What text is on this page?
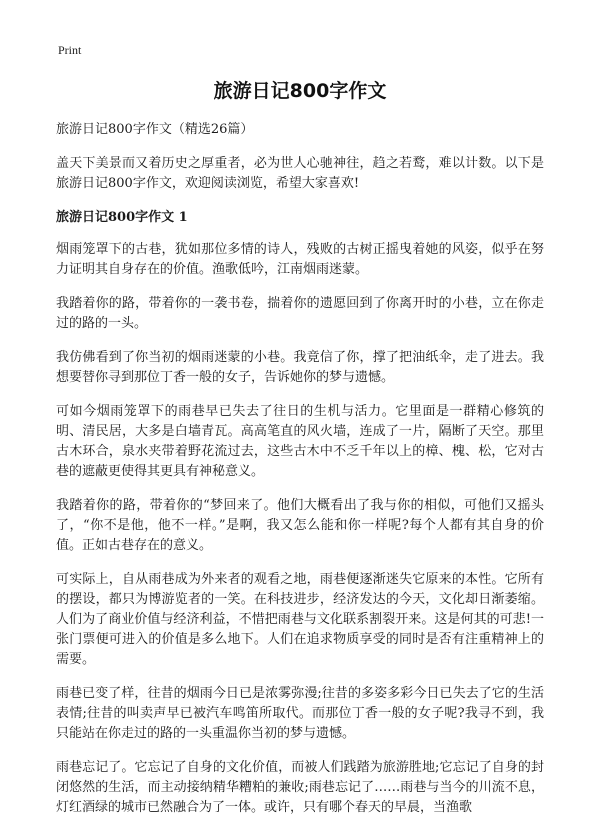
Print
旅游日记800字作文
旅游日记800字作文（精选26篇）
盖天下美景而又着历史之厚重者，必为世人心驰神往，趋之若鹜，难以计数。以下是旅游日记800字作文，欢迎阅读浏览，希望大家喜欢!
旅游日记800字作文 1
烟雨笼罩下的古巷，犹如那位多情的诗人，残败的古树正摇曳着她的风姿，似乎在努力证明其自身存在的价值。渔歌低吟，江南烟雨迷蒙。
我踏着你的路，带着你的一袭书卷，揣着你的遗愿回到了你离开时的小巷，立在你走过的路的一头。
我仿佛看到了你当初的烟雨迷蒙的小巷。我竟信了你，撑了把油纸伞，走了进去。我想要替你寻到那位丁香一般的女子，告诉她你的梦与遗憾。
可如今烟雨笼罩下的雨巷早已失去了往日的生机与活力。它里面是一群精心修筑的明、清民居，大多是白墙青瓦。高高笔直的风火墙，连成了一片，隔断了天空。那里古木环合，泉水夹带着野花流过去，这些古木中不乏千年以上的樟、槐、松，它对古巷的遮蔽更使得其更具有神秘意义。
我踏着你的路，带着你的“梦回来了。他们大概看出了我与你的相似，可他们又摇头了，“你不是他，他不一样。”是啊，我又怎么能和你一样呢?每个人都有其自身的价值。正如古巷存在的意义。
可实际上，自从雨巷成为外来者的观看之地，雨巷便逐渐迷失它原来的本性。它所有的摆设，都只为博游览者的一笑。在科技进步，经济发达的今天，文化却日渐萎缩。人们为了商业价值与经济利益，不惜把雨巷与文化联系割裂开来。这是何其的可悲!一张门票便可进入的价值是多么地下。人们在追求物质享受的同时是否有注重精神上的需要。
雨巷已变了样，往昔的烟雨今日已是浓雾弥漫;往昔的多姿多彩今日已失去了它的生活表情;往昔的叫卖声早已被汽车鸣笛所取代。而那位丁香一般的女子呢?我寻不到，我只能站在你走过的路的一头重温你当初的梦与遗憾。
雨巷忘记了。它忘记了自身的文化价值，而被人们践踏为旅游胜地;它忘记了自身的封闭悠然的生活，而主动接纳精华糟粕的兼收;雨巷忘记了……雨巷与当今的川流不息，灯红酒绿的城市已然融合为了一体。或许，只有哪个春天的早晨，当渔歌
